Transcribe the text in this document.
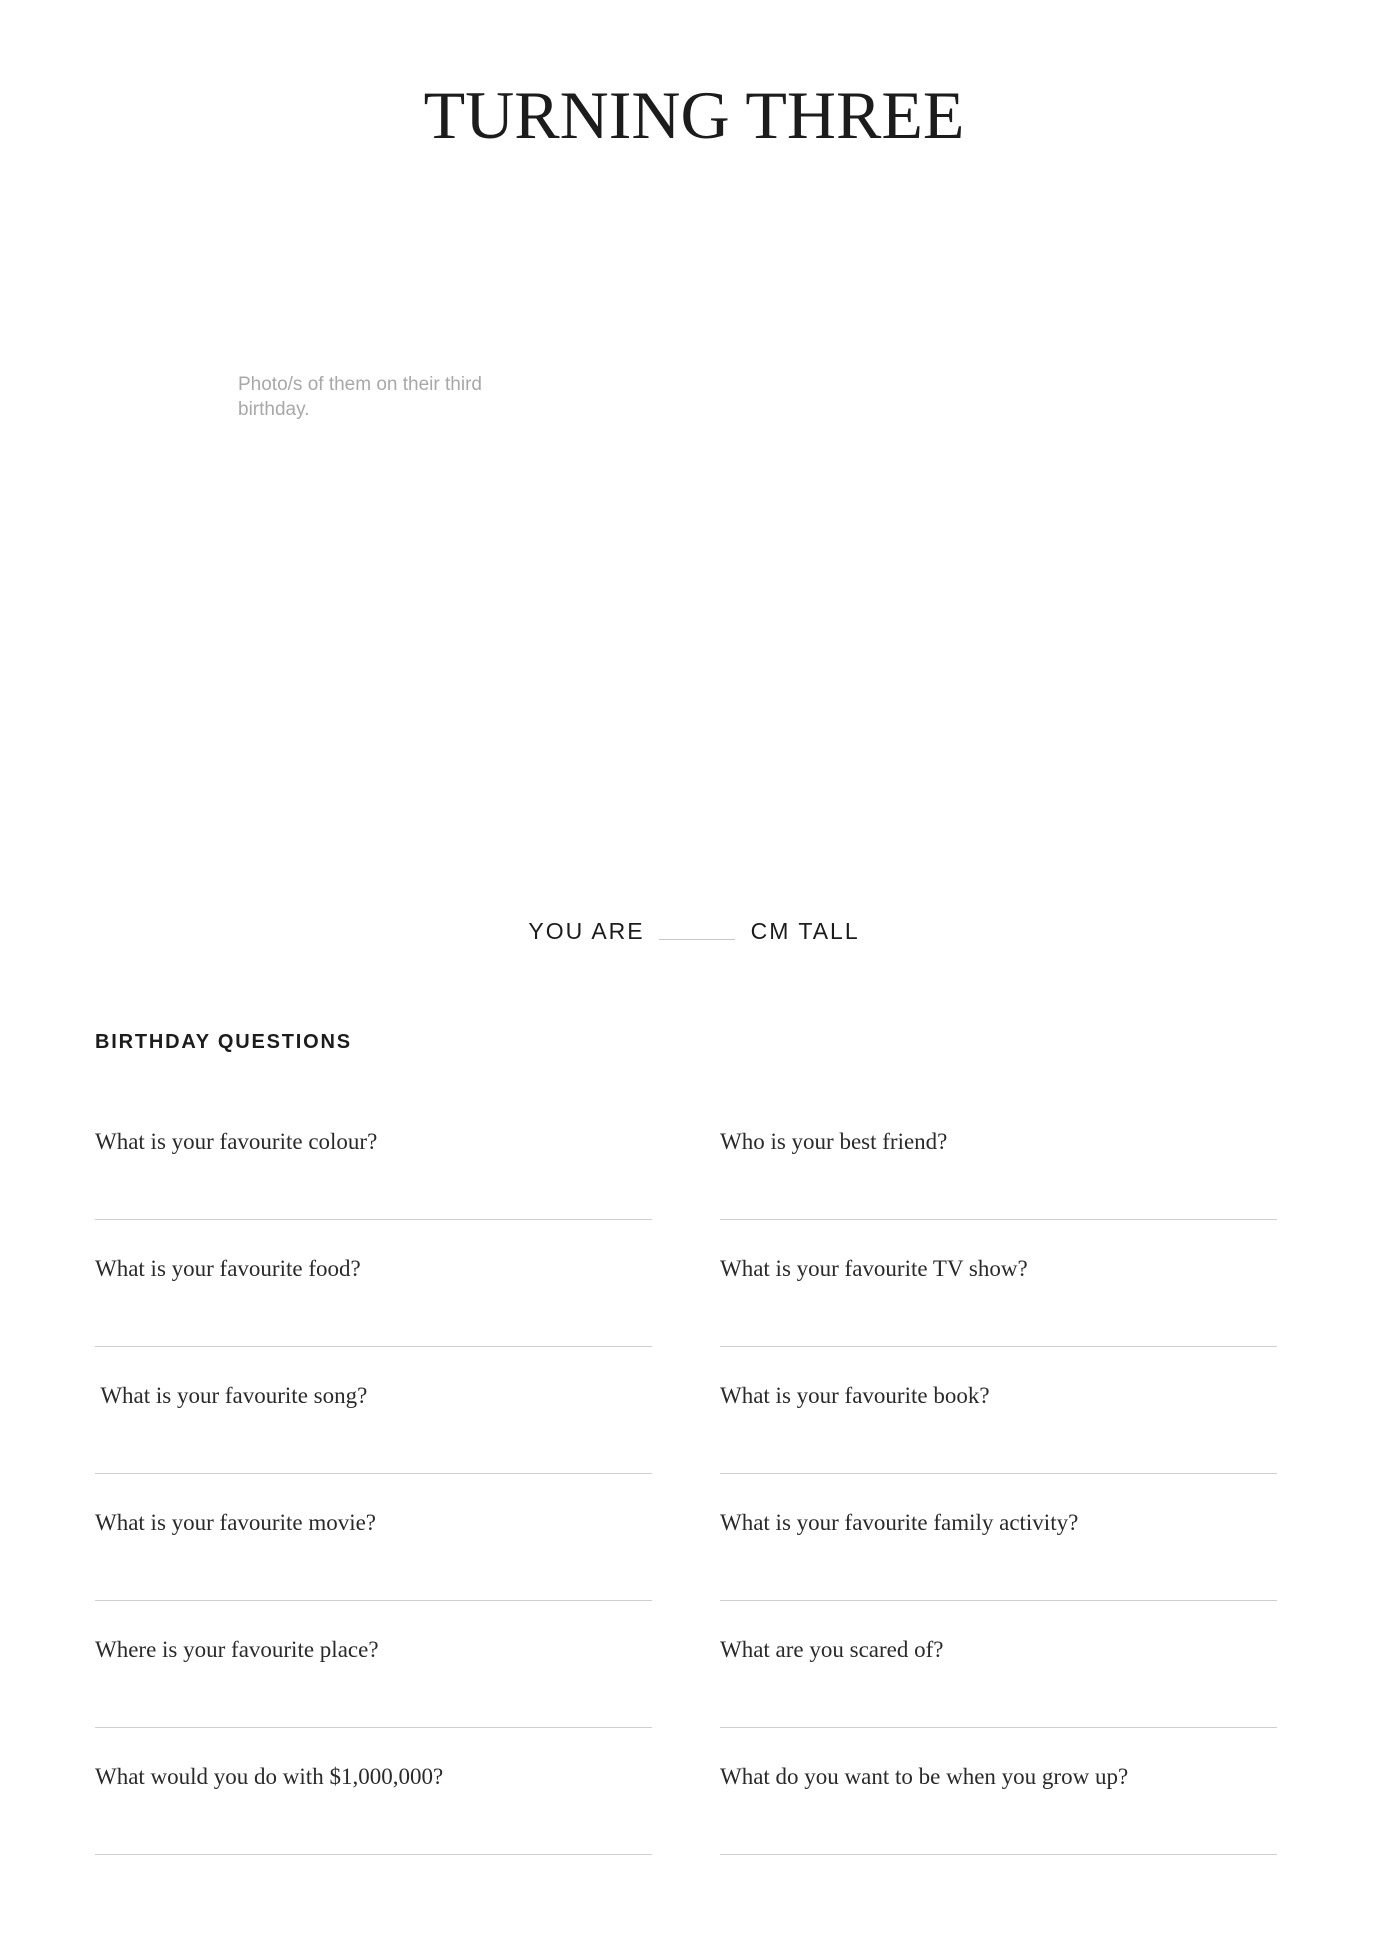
TURNING THREE

Photo/s of them on their third birthday.

YOU ARE	CM TALL
BIRTHDAY QUESTIONS
What is your favourite colour?	Who is your best friend?
What is your favourite food?	What is your favourite TV show?
What is your favourite song?	What is your favourite book?
What is your favourite movie?	What is your favourite family activity?
Where is your favourite place?	What are you scared of?
What would you do with $1,000,000?	What do you want to be when you grow up?
